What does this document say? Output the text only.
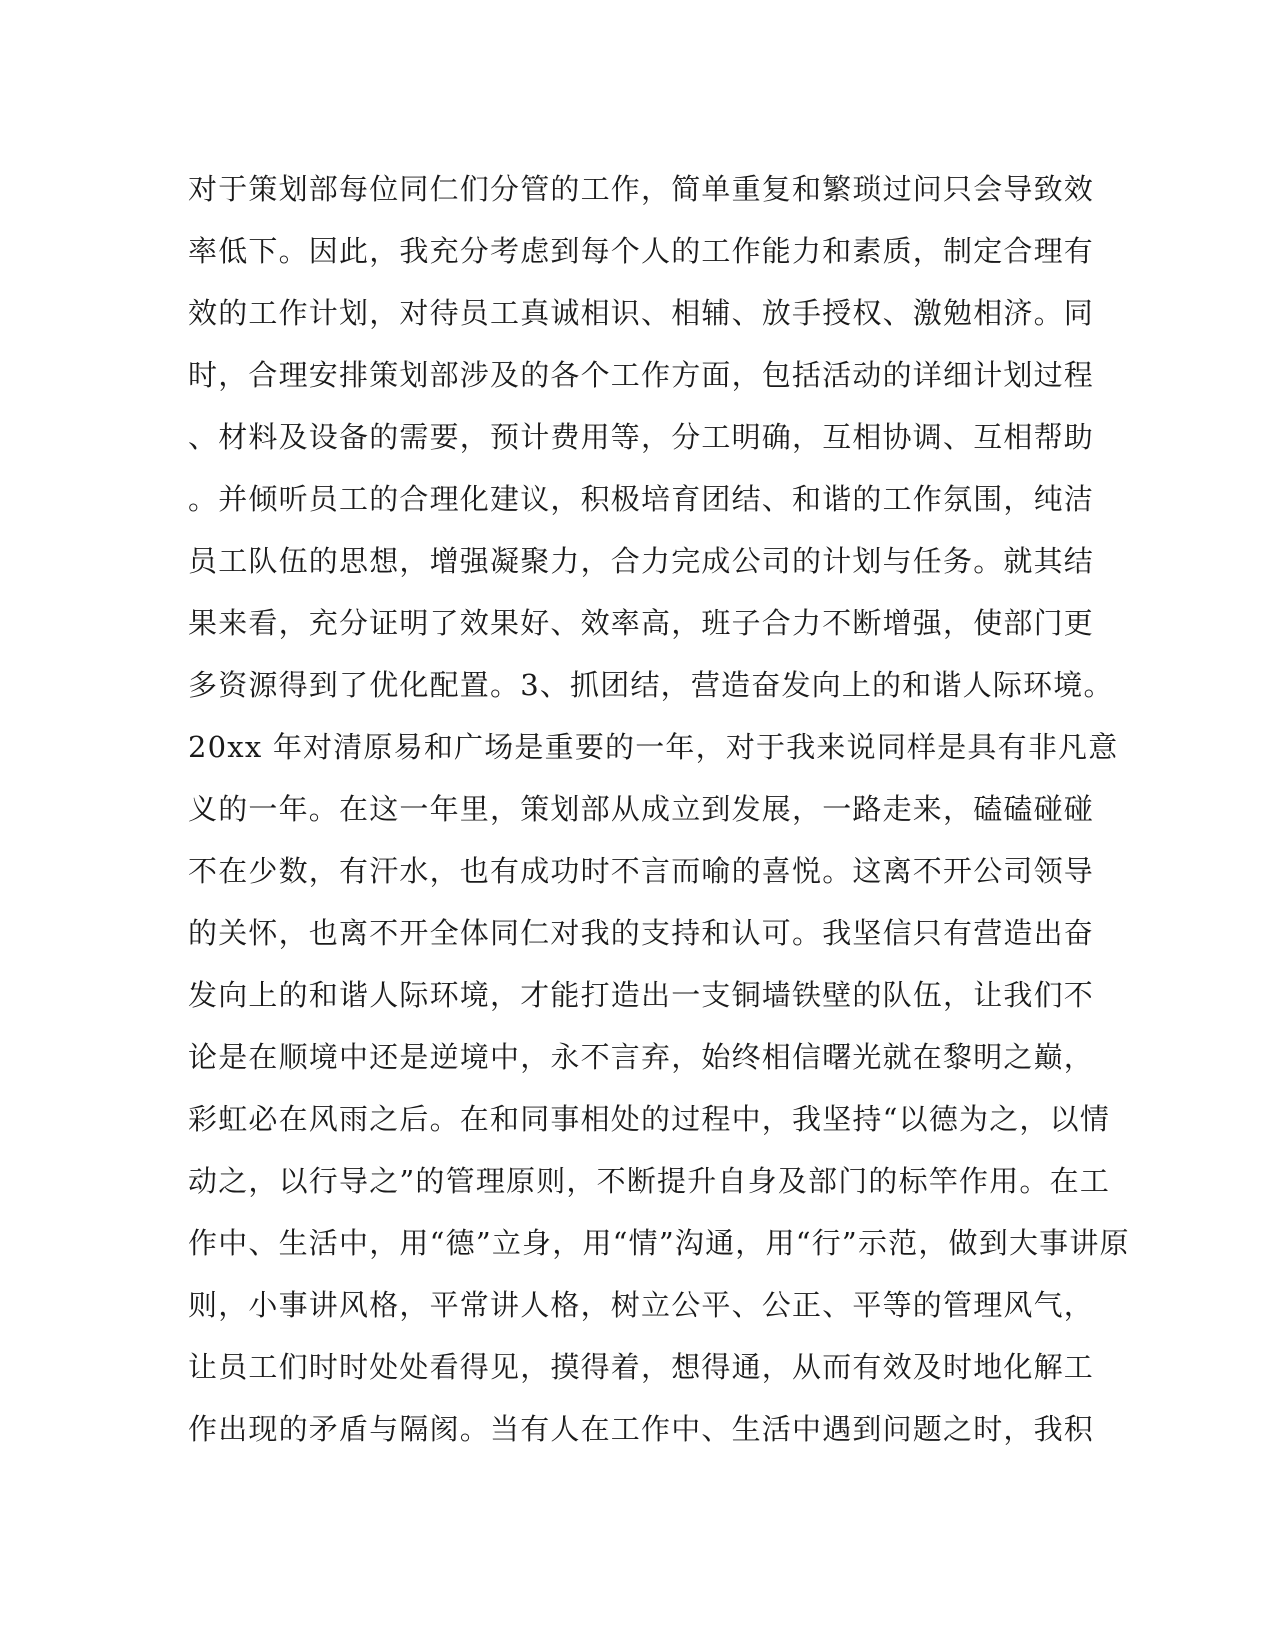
对于策划部每位同仁们分管的工作，简单重复和繁琐过问只会导致效
率低下。因此，我充分考虑到每个人的工作能力和素质，制定合理有
效的工作计划，对待员工真诚相识、相辅、放手授权、激勉相济。同
时，合理安排策划部涉及的各个工作方面，包括活动的详细计划过程
、材料及设备的需要，预计费用等，分工明确，互相协调、互相帮助
。并倾听员工的合理化建议，积极培育团结、和谐的工作氛围，纯洁
员工队伍的思想，增强凝聚力，合力完成公司的计划与任务。就其结
果来看，充分证明了效果好、效率高，班子合力不断增强，使部门更
多资源得到了优化配置。3、抓团结，营造奋发向上的和谐人际环境。
20xx 年对清原易和广场是重要的一年，对于我来说同样是具有非凡意
义的一年。在这一年里，策划部从成立到发展，一路走来，磕磕碰碰
不在少数，有汗水，也有成功时不言而喻的喜悦。这离不开公司领导
的关怀，也离不开全体同仁对我的支持和认可。我坚信只有营造出奋
发向上的和谐人际环境，才能打造出一支铜墙铁壁的队伍，让我们不
论是在顺境中还是逆境中，永不言弃，始终相信曙光就在黎明之巅，
彩虹必在风雨之后。在和同事相处的过程中，我坚持“以德为之，以情
动之，以行导之”的管理原则，不断提升自身及部门的标竿作用。在工
作中、生活中，用“德”立身，用“情”沟通，用“行”示范，做到大事讲原
则，小事讲风格，平常讲人格，树立公平、公正、平等的管理风气，
让员工们时时处处看得见，摸得着，想得通，从而有效及时地化解工
作出现的矛盾与隔阂。当有人在工作中、生活中遇到问题之时，我积
